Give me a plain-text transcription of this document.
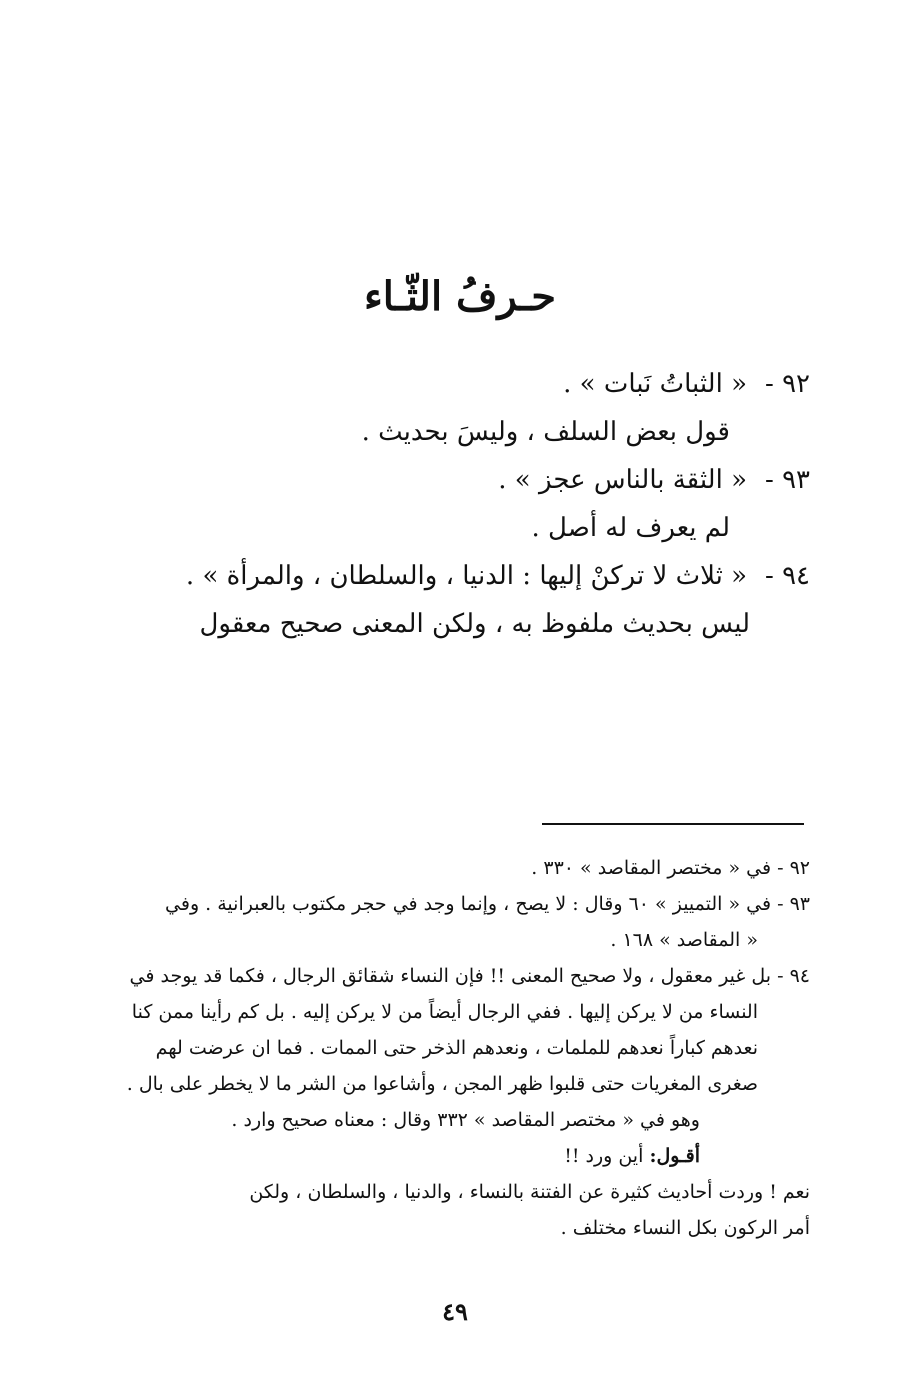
حـرفُ الثّـاء
٩٢ -« الثباتُ نَبات » .
قول بعض السلف ، وليسَ بحديث .
٩٣ -« الثقة بالناس عجز » .
لم يعرف له أصل .
٩٤ -« ثلاث لا تركنْ إليها : الدنيا ، والسلطان ، والمرأة » .
ليس بحديث ملفوظ به ، ولكن المعنى صحيح معقول
٩٢ - في « مختصر المقاصد » ٣٣٠ .
٩٣ - في « التمييز » ٦٠ وقال : لا يصح ، وإنما وجد في حجر مكتوب بالعبرانية . وفي
« المقاصد » ١٦٨ .
٩٤ - بل غير معقول ، ولا صحيح المعنى !! فإن النساء شقائق الرجال ، فكما قد يوجد في
النساء من لا يركن إليها . ففي الرجال أيضاً من لا يركن إليه . بل كم رأينا ممن كنا
نعدهم كباراً نعدهم للملمات ، ونعدهم الذخر حتى الممات . فما ان عرضت لهم
صغرى المغريات حتى قلبوا ظهر المجن ، وأشاعوا من الشر ما لا يخطر على بال .
وهو في « مختصر المقاصد » ٣٣٢ وقال : معناه صحيح وارد .
أقـول: أين ورد !!
نعم ! وردت أحاديث كثيرة عن الفتنة بالنساء ، والدنيا ، والسلطان ، ولكن
أمر الركون بكل النساء مختلف .
٤٩
